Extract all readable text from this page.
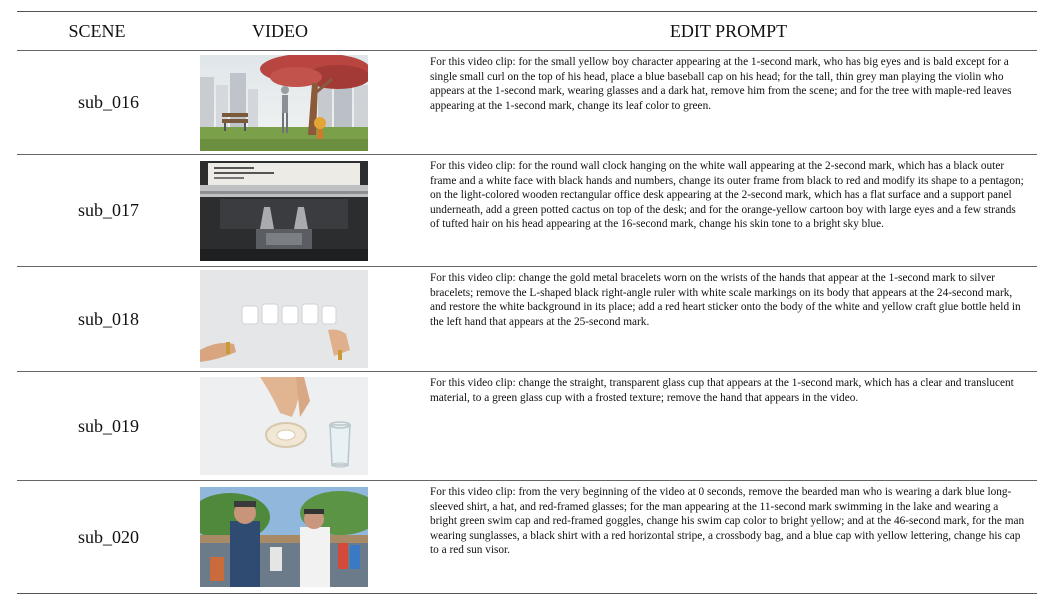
SCENE	VIDEO	EDIT PROMPT
sub_016
For this video clip: for the small yellow boy character appearing at the 1-second mark, who has big eyes and is bald except for a single small curl on the top of his head, place a blue baseball cap on his head; for the tall, thin grey man playing the violin who appears at the 1-second mark, wearing glasses and a dark hat, remove him from the scene; and for the tree with maple-red leaves appearing at the 1-second mark, change its leaf color to green.
sub_017
For this video clip: for the round wall clock hanging on the white wall appearing at the 2-second mark, which has a black outer frame and a white face with black hands and numbers, change its outer frame from black to red and modify its shape to a pentagon; on the light-colored wooden rectangular office desk appearing at the 2-second mark, which has a flat surface and a support panel underneath, add a green potted cactus on top of the desk; and for the orange-yellow cartoon boy with large eyes and a few strands of tufted hair on his head appearing at the 16-second mark, change his skin tone to a bright sky blue.
sub_018
For this video clip: change the gold metal bracelets worn on the wrists of the hands that appear at the 1-second mark to silver bracelets; remove the L-shaped black right-angle ruler with white scale markings on its body that appears at the 24-second mark, and restore the white background in its place; add a red heart sticker onto the body of the white and yellow craft glue bottle held in the left hand that appears at the 25-second mark.
sub_019
For this video clip: change the straight, transparent glass cup that appears at the 1-second mark, which has a clear and translucent material, to a green glass cup with a frosted texture; remove the hand that appears in the video.
sub_020
For this video clip: from the very beginning of the video at 0 seconds, remove the bearded man who is wearing a dark blue long-sleeved shirt, a hat, and red-framed glasses; for the man appearing at the 11-second mark swimming in the lake and wearing a bright green swim cap and red-framed goggles, change his swim cap color to bright yellow; and at the 46-second mark, for the man wearing sunglasses, a black shirt with a red horizontal stripe, a crossbody bag, and a blue cap with yellow lettering, change his cap to a red sun visor.
